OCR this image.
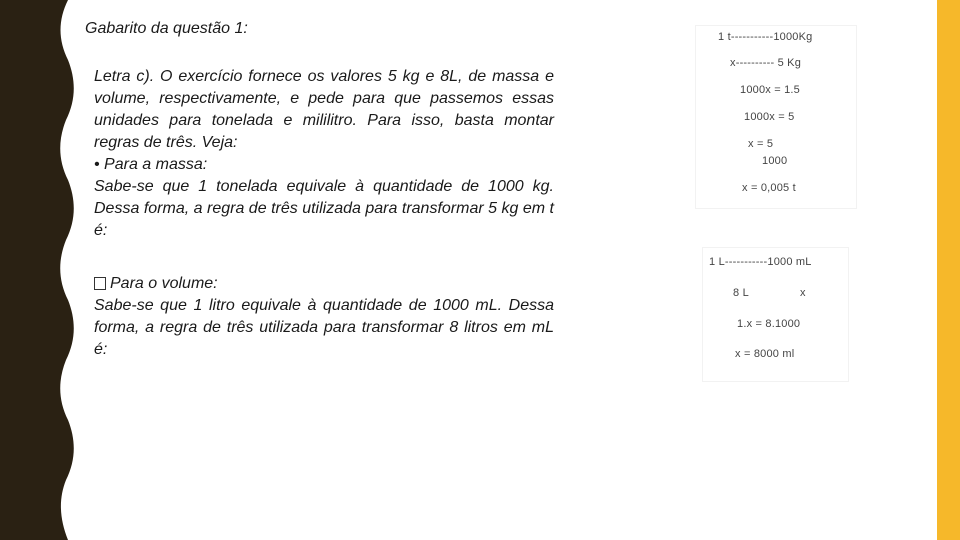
Gabarito da questão 1:

Letra c). O exercício fornece os valores 5 kg e 8L, de massa e volume, respectivamente, e pede para que passemos essas unidades para tonelada e mililitro. Para isso, basta montar regras de três. Veja:

• Para a massa:

Sabe-se que 1 tonelada equivale à quantidade de 1000 kg. Dessa forma, a regra de três utilizada para transformar 5 kg em t é:

Para o volume:

Sabe-se que 1 litro equivale à quantidade de 1000 mL. Dessa forma, a regra de três utilizada para transformar 8 litros em mL é:

1 t-----------1000Kg
x---------- 5 Kg
1000x = 1.5
1000x = 5
x = 5
1000
x = 0,005 t
1 L-----------1000 mL
8 L	x
1.x = 8.1000
x = 8000 ml
